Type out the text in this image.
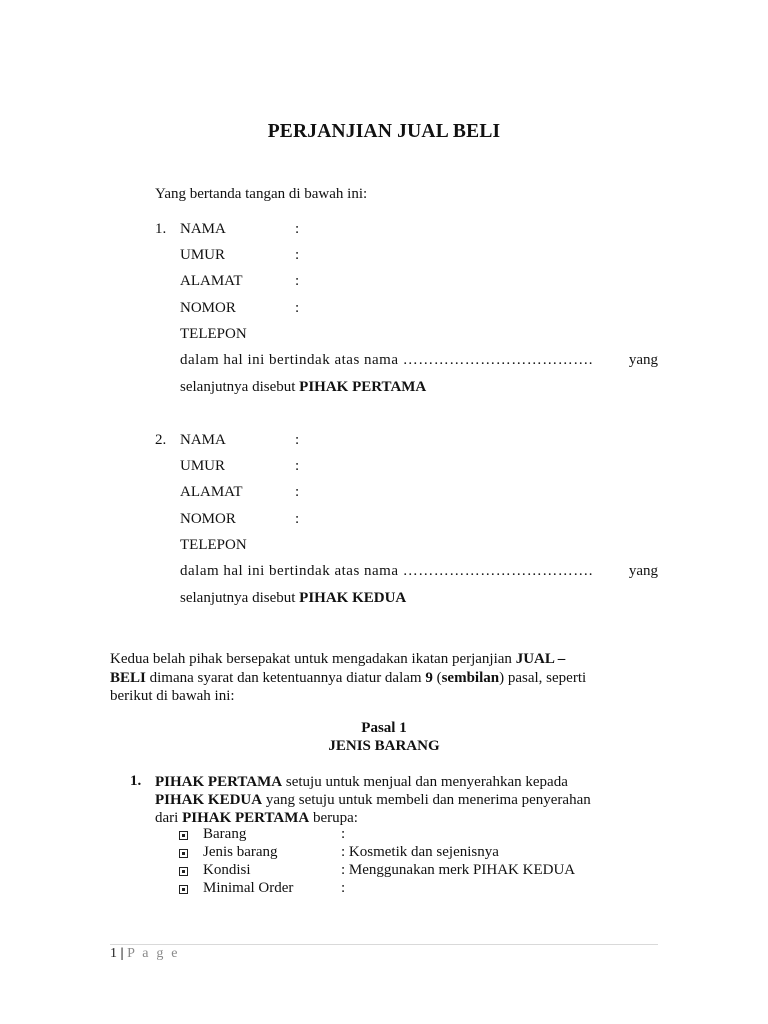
PERJANJIAN JUAL BELI
Yang bertanda tangan di bawah ini:
1. NAMA	:
UMUR	:
ALAMAT	:
NOMOR	:
TELEPON
dalam hal ini bertindak atas nama ………………………………. yang
selanjutnya disebut PIHAK PERTAMA
2. NAMA	:
UMUR	:
ALAMAT	:
NOMOR	:
TELEPON
dalam hal ini bertindak atas nama ………………………………. yang
selanjutnya disebut PIHAK KEDUA

Kedua belah pihak bersepakat untuk mengadakan ikatan perjanjian JUAL –

BELI dimana syarat dan ketentuannya diatur dalam 9 (sembilan) pasal, seperti

berikut di bawah ini:

Pasal 1
JENIS BARANG
1. PIHAK PERTAMA setuju untuk menjual dan menyerahkan kepada
PIHAK KEDUA yang setuju untuk membeli dan menerima penyerahan
dari PIHAK PERTAMA berupa:
Barang	:
Jenis barang	: Kosmetik dan sejenisnya
Kondisi	: Menggunakan merk PIHAK KEDUA
Minimal Order	:
1 | P a g e
